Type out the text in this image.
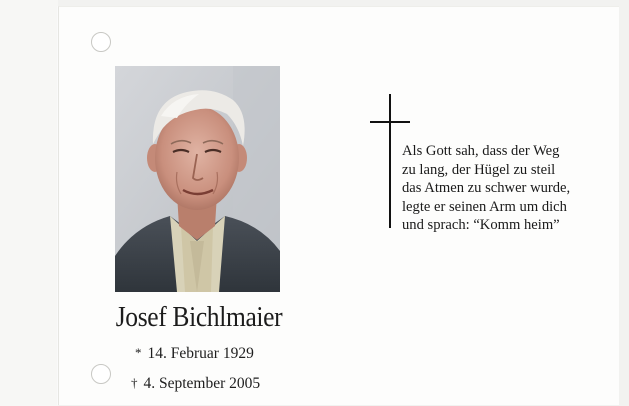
Josef Bichlmaier
* 14. Februar 1929
† 4. September 2005
Als Gott sah, dass der Weg
zu lang, der Hügel zu steil
das Atmen zu schwer wurde,
legte er seinen Arm um dich
und sprach: “Komm heim”
